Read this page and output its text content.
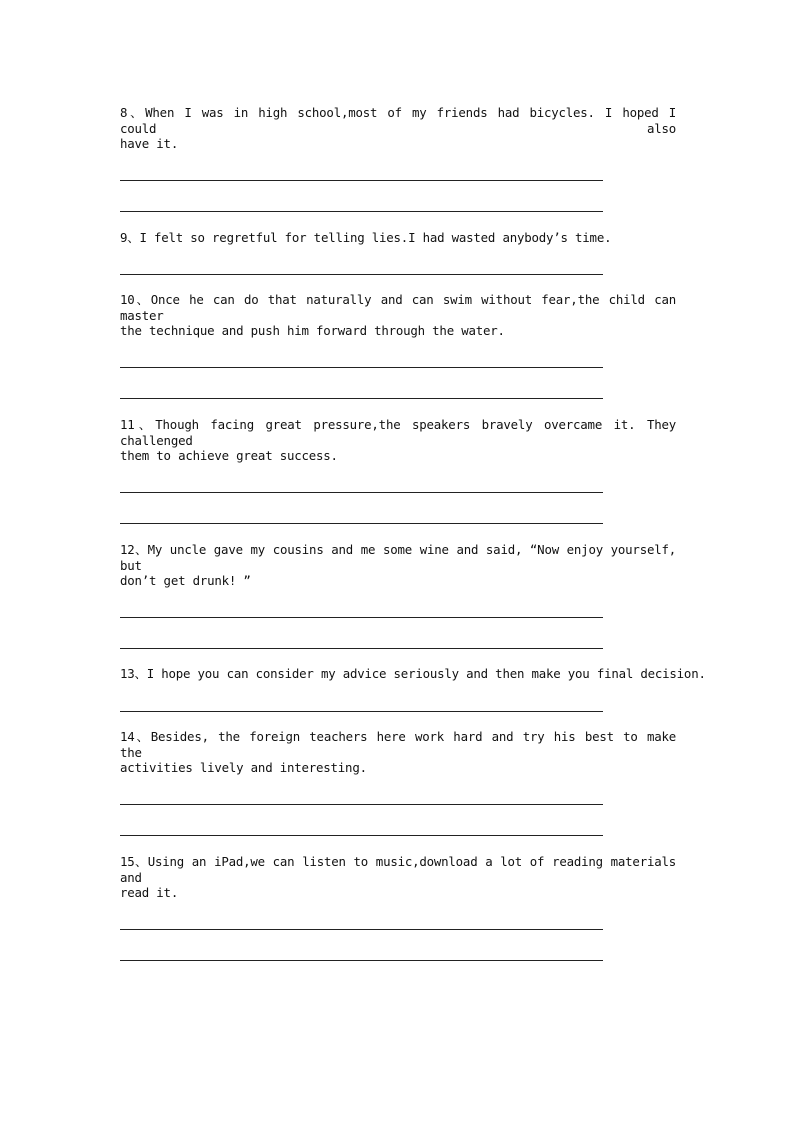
8、When I was in high school,most of my friends had bicycles. I hoped I could also
have it.
9、I felt so regretful for telling lies.I had wasted anybody’s time.
10、Once he can do that naturally and can swim without fear,the child can master
the technique and push him forward through the water.
11、Though facing great pressure,the speakers bravely overcame it. They challenged
them to achieve great success.
12、My uncle gave my cousins and me some wine and said, “Now enjoy yourself, but
don’t get drunk! ”
13、I hope you can consider my advice seriously and then make you final decision.
14、Besides, the foreign teachers here work hard and try his best to make the
activities lively and interesting.
15、Using an iPad,we can listen to music,download a lot of reading materials and
read it.
